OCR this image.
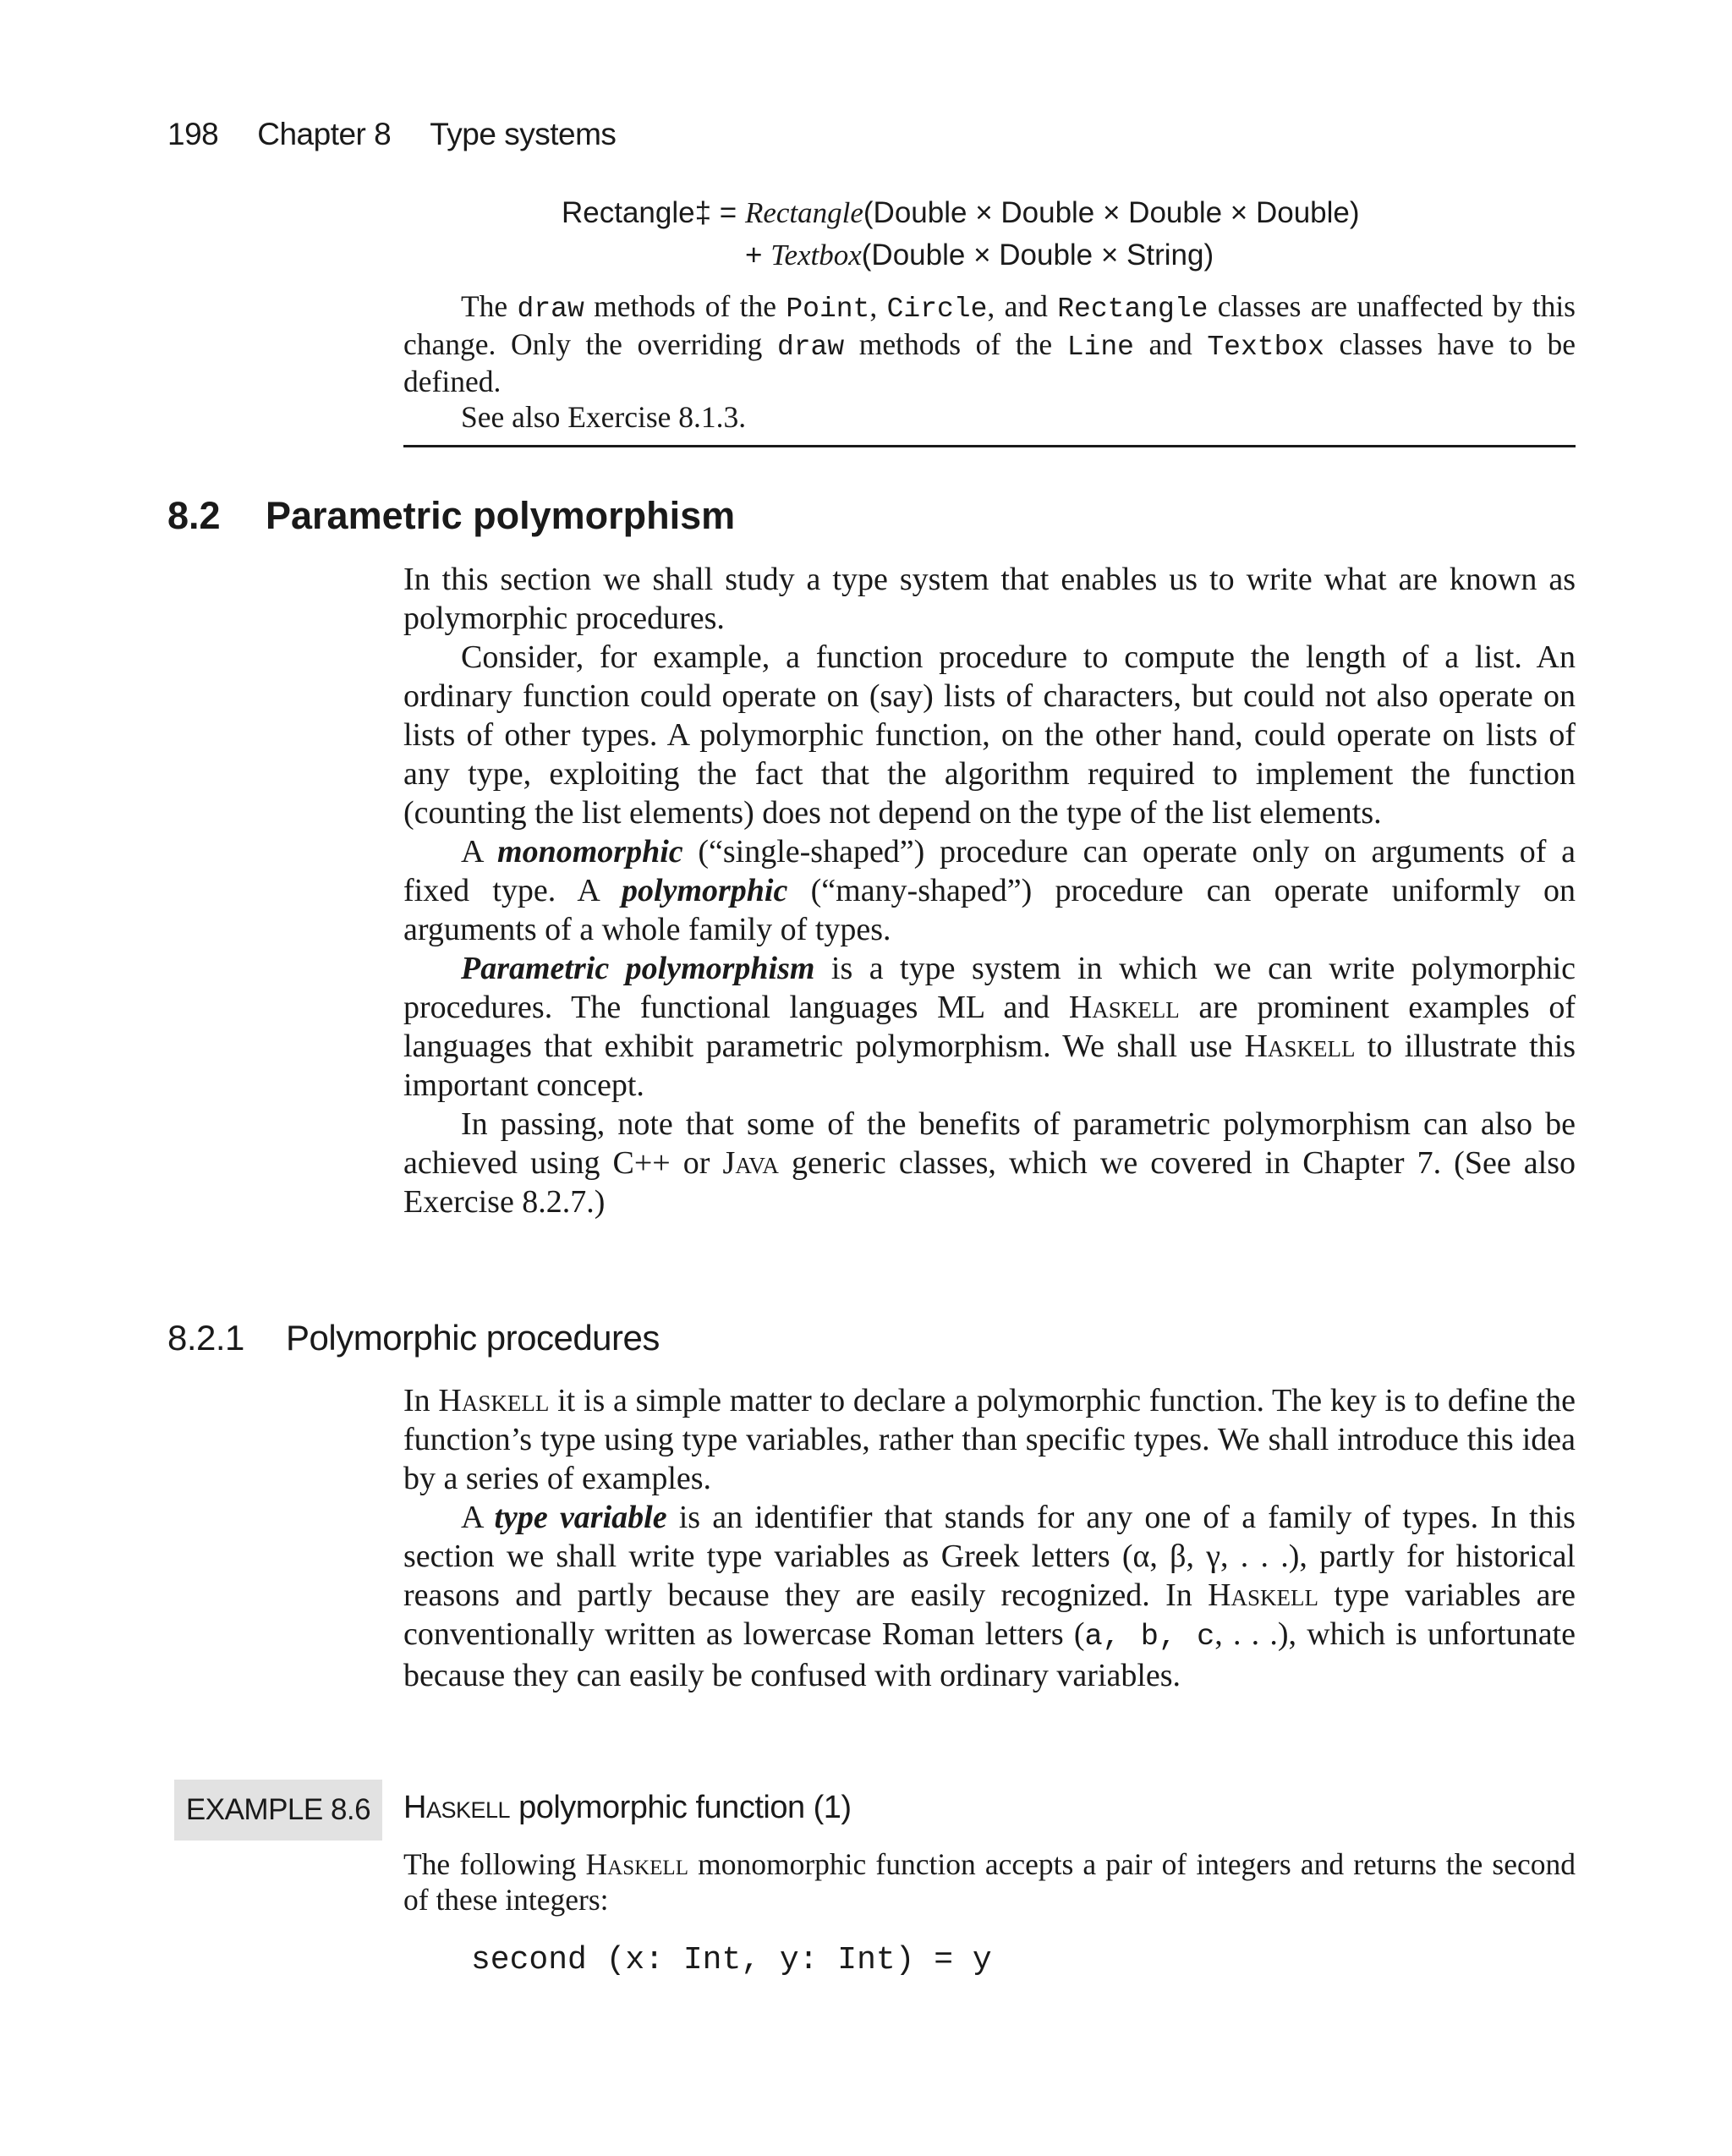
198 Chapter 8 Type systems
Rectangle‡ = Rectangle(Double × Double × Double × Double)
+ Textbox(Double × Double × String)

The draw methods of the Point, Circle, and Rectangle classes are unaffected by this change. Only the overriding draw methods of the Line and Textbox classes have to be defined.

See also Exercise 8.1.3.

8.2 Parametric polymorphism

In this section we shall study a type system that enables us to write what are known as polymorphic procedures.

Consider, for example, a function procedure to compute the length of a list. An ordinary function could operate on (say) lists of characters, but could not also operate on lists of other types. A polymorphic function, on the other hand, could operate on lists of any type, exploiting the fact that the algorithm required to implement the function (counting the list elements) does not depend on the type of the list elements.

A monomorphic (“single-shaped”) procedure can operate only on arguments of a fixed type. A polymorphic (“many-shaped”) procedure can operate uniformly on arguments of a whole family of types.

Parametric polymorphism is a type system in which we can write polymorphic procedures. The functional languages ML and Haskell are prominent examples of languages that exhibit parametric polymorphism. We shall use Haskell to illustrate this important concept.

In passing, note that some of the benefits of parametric polymorphism can also be achieved using C++ or Java generic classes, which we covered in Chapter 7. (See also Exercise 8.2.7.)

8.2.1 Polymorphic procedures

In Haskell it is a simple matter to declare a polymorphic function. The key is to define the function’s type using type variables, rather than specific types. We shall introduce this idea by a series of examples.

A type variable is an identifier that stands for any one of a family of types. In this section we shall write type variables as Greek letters (α, β, γ, . . .), partly for historical reasons and partly because they are easily recognized. In Haskell type variables are conventionally written as lowercase Roman letters (a, b, c, . . .), which is unfortunate because they can easily be confused with ordinary variables.

EXAMPLE 8.6	Haskell polymorphic function (1)

The following Haskell monomorphic function accepts a pair of integers and returns the second of these integers:

second (x: Int, y: Int) = y
